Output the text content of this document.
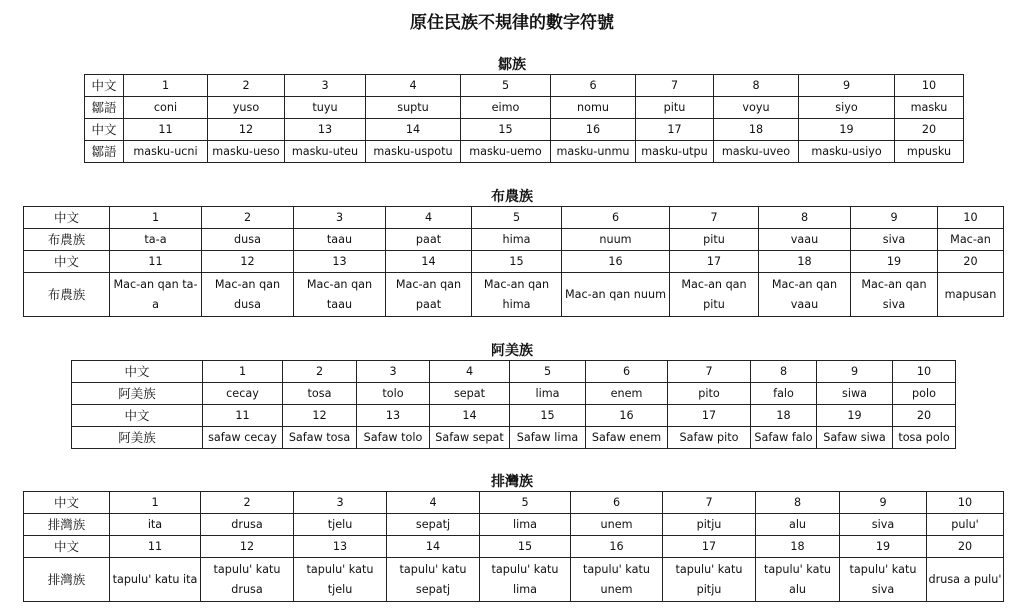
原住民族不規律的數字符號
鄒族
中文	1	2	3	4	5	6	7	8	9	10
鄒語	coni	yuso	tuyu	suptu	eimo	nomu	pitu	voyu	siyo	masku
中文	11	12	13	14	15	16	17	18	19	20
鄒語	masku-ucni	masku-ueso	masku-uteu	masku-uspotu	masku-uemo	masku-unmu	masku-utpu	masku-uveo	masku-usiyo	mpusku
布農族
中文	1	2	3	4	5	6	7	8	9	10
布農族	ta-a	dusa	taau	paat	hima	nuum	pitu	vaau	siva	Mac-an
中文	11	12	13	14	15	16	17	18	19	20
布農族	Mac-an qan ta-a	Mac-an qan dusa	Mac-an qan taau	Mac-an qan paat	Mac-an qan hima	Mac-an qan nuum	Mac-an qan pitu	Mac-an qan vaau	Mac-an qan siva	mapusan
阿美族
中文	1	2	3	4	5	6	7	8	9	10
阿美族	cecay	tosa	tolo	sepat	lima	enem	pito	falo	siwa	polo
中文	11	12	13	14	15	16	17	18	19	20
阿美族	safaw cecay	Safaw tosa	Safaw tolo	Safaw sepat	Safaw lima	Safaw enem	Safaw pito	Safaw falo	Safaw siwa	tosa polo
排灣族
中文	1	2	3	4	5	6	7	8	9	10
排灣族	ita	drusa	tjelu	sepatj	lima	unem	pitju	alu	siva	pulu'
中文	11	12	13	14	15	16	17	18	19	20
排灣族	tapulu' katu ita	tapulu' katu drusa	tapulu' katu tjelu	tapulu' katu sepatj	tapulu' katu lima	tapulu' katu unem	tapulu' katu pitju	tapulu' katu alu	tapulu' katu siva	drusa a pulu'
